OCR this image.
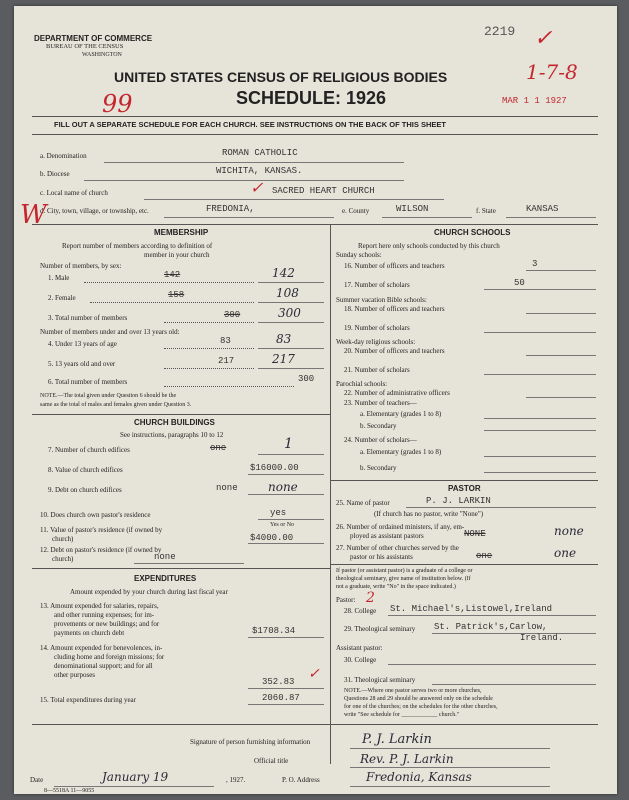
DEPARTMENT OF COMMERCE
BUREAU OF THE CENSUS
WASHINGTON
2219 ✓
1-7-8
MAR 1 1 1927
UNITED STATES CENSUS OF RELIGIOUS BODIES
SCHEDULE: 1926
99
FILL OUT A SEPARATE SCHEDULE FOR EACH CHURCH. SEE INSTRUCTIONS ON THE BACK OF THIS SHEET
a. Denomination	ROMAN CATHOLIC
b. Diocese	WICHITA, KANSAS.
c. Local name of church	SACRED HEART CHURCH
✓
d. City, town, village, or township, etc.	FREDONIA,	e. County	WILSON	f. State	KANSAS
W
MEMBERSHIP
Report number of members according to definition of
member in your church
Number of members, by sex:
1. Male	142	142
2. Female	158	108
3. Total number of members	300	300
Number of members under and over 13 years old:
4. Under 13 years of age	83	83
5. 13 years old and over	217	217
6. Total number of members	300
NOTE.—The total given under Question 6 should be the
same as the total of males and females given under Question 3.
CHURCH BUILDINGS
See instructions, paragraphs 10 to 12
7. Number of church edifices	one	1
8. Value of church edifices	$16000.00
9. Debt on church edifices	none	none
10. Does church own pastor's residence	yes
Yes or No
11. Value of pastor's residence (if owned by
church)	$4000.00
12. Debt on pastor's residence (if owned by
church)	none
EXPENDITURES
Amount expended by your church during last fiscal year
13. Amount expended for salaries, repairs,
and other running expenses; for im-
provements or new buildings; and for
payments on church debt	$1708.34
14. Amount expended for benevolences, in-
cluding home and foreign missions; for
denominational support; and for all
other purposes
352.83 ✓
15. Total expenditures during year	2060.87
CHURCH SCHOOLS
Report here only schools conducted by this church
Sunday schools:
16. Number of officers and teachers	3
17. Number of scholars	50
Summer vacation Bible schools:
18. Number of officers and teachers
19. Number of scholars
Week-day religious schools:
20. Number of officers and teachers
21. Number of scholars
Parochial schools:
22. Number of administrative officers
23. Number of teachers—
a. Elementary (grades 1 to 8)
b. Secondary
24. Number of scholars—
a. Elementary (grades 1 to 8)
b. Secondary
PASTOR
25. Name of pastor	P. J. LARKIN
(If church has no pastor, write "None")
26. Number of ordained ministers, if any, em-
ployed as assistant pastors	NONE	none
27. Number of other churches served by the
pastor or his assistants	one	one
If pastor (or assistant pastor) is a graduate of a college or
theological seminary, give name of institution below. (If
not a graduate, write "No" in the space indicated.)
Pastor: 2
28. College St. Michael's,Listowel,Ireland
29. Theological seminary St. Patrick's,Carlow,
Ireland.
Assistant pastor:
30. College
31. Theological seminary
NOTE.—Where one pastor serves two or more churches,
Questions 28 and 29 should be answered only on the schedule
for one of the churches; on the schedules for the other churches,
write "See schedule for ____________ church."
Signature of person furnishing information	P. J. Larkin
Official title	Rev. P. J. Larkin
Date	January 19	, 1927.	P. O. Address	Fredonia, Kansas
8—5518A 11—9055
